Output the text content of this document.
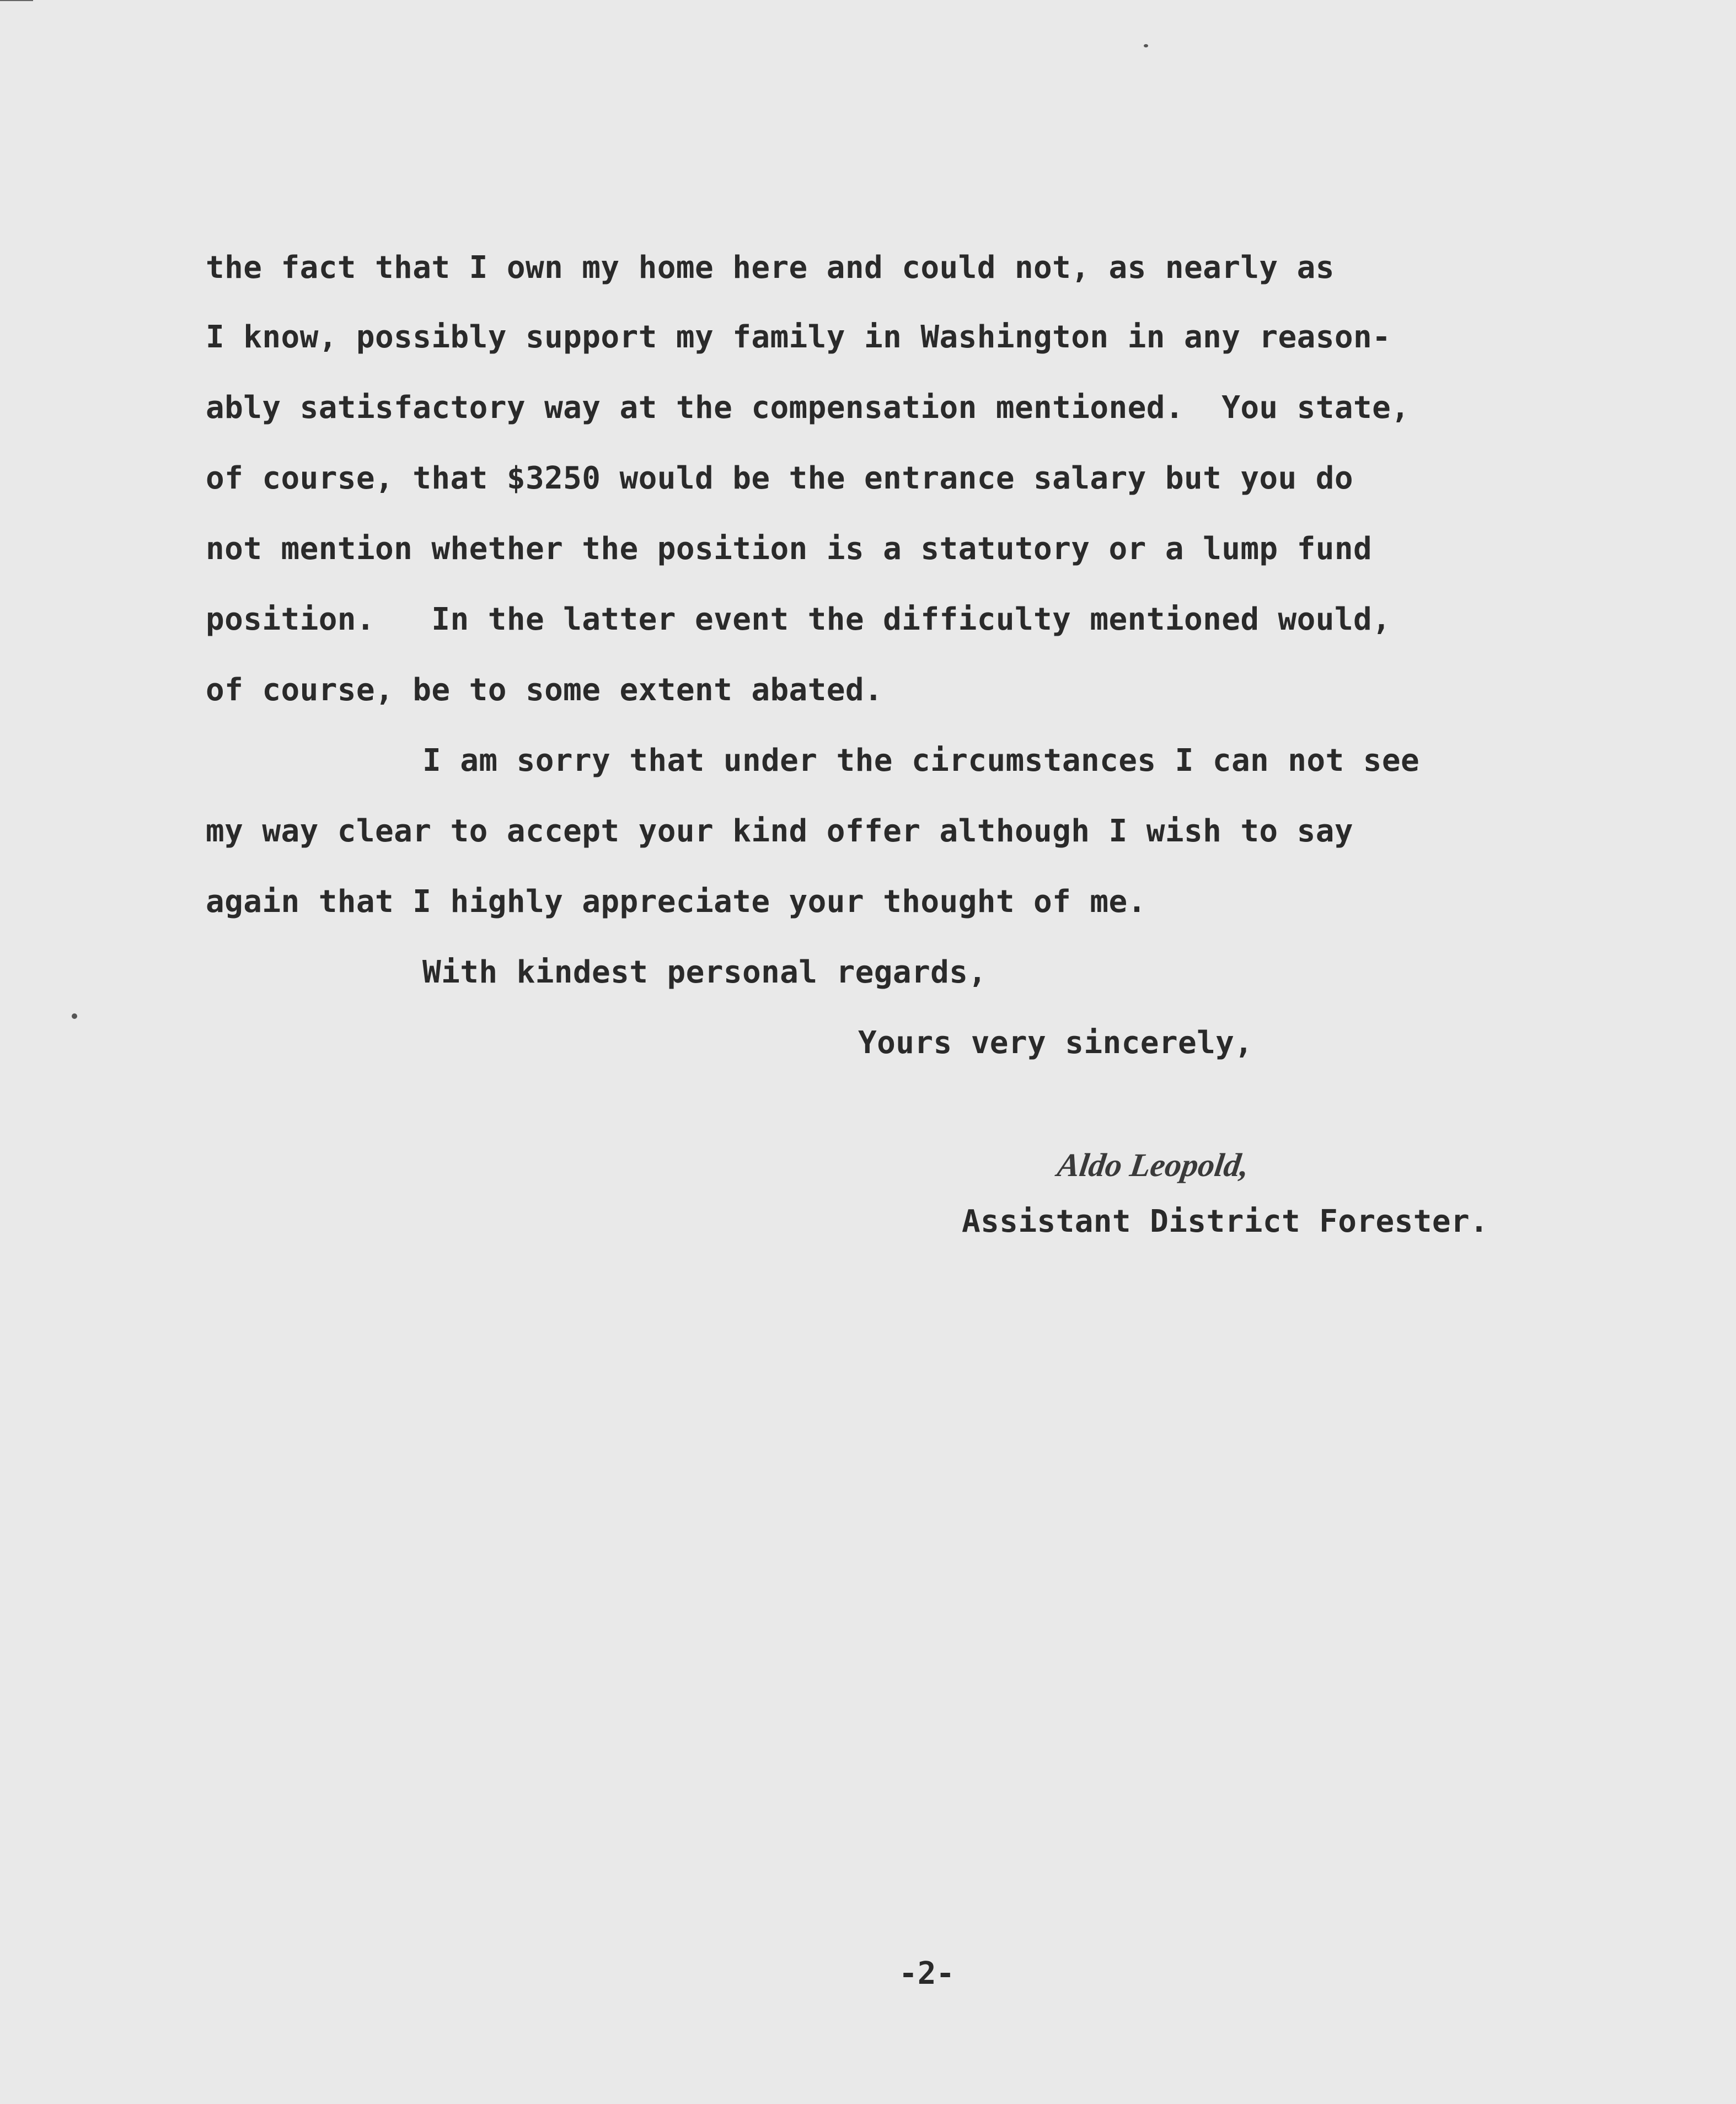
the fact that I own my home here and could not, as nearly as
I know, possibly support my family in Washington in any reason-
ably satisfactory way at the compensation mentioned.  You state,
of course, that $3250 would be the entrance salary but you do
not mention whether the position is a statutory or a lump fund
position.   In the latter event the difficulty mentioned would,
of course, be to some extent abated.
I am sorry that under the circumstances I can not see
my way clear to accept your kind offer although I wish to say
again that I highly appreciate your thought of me.
With kindest personal regards,
Yours very sincerely,
Aldo Leopold,
Assistant District Forester.
-2-
